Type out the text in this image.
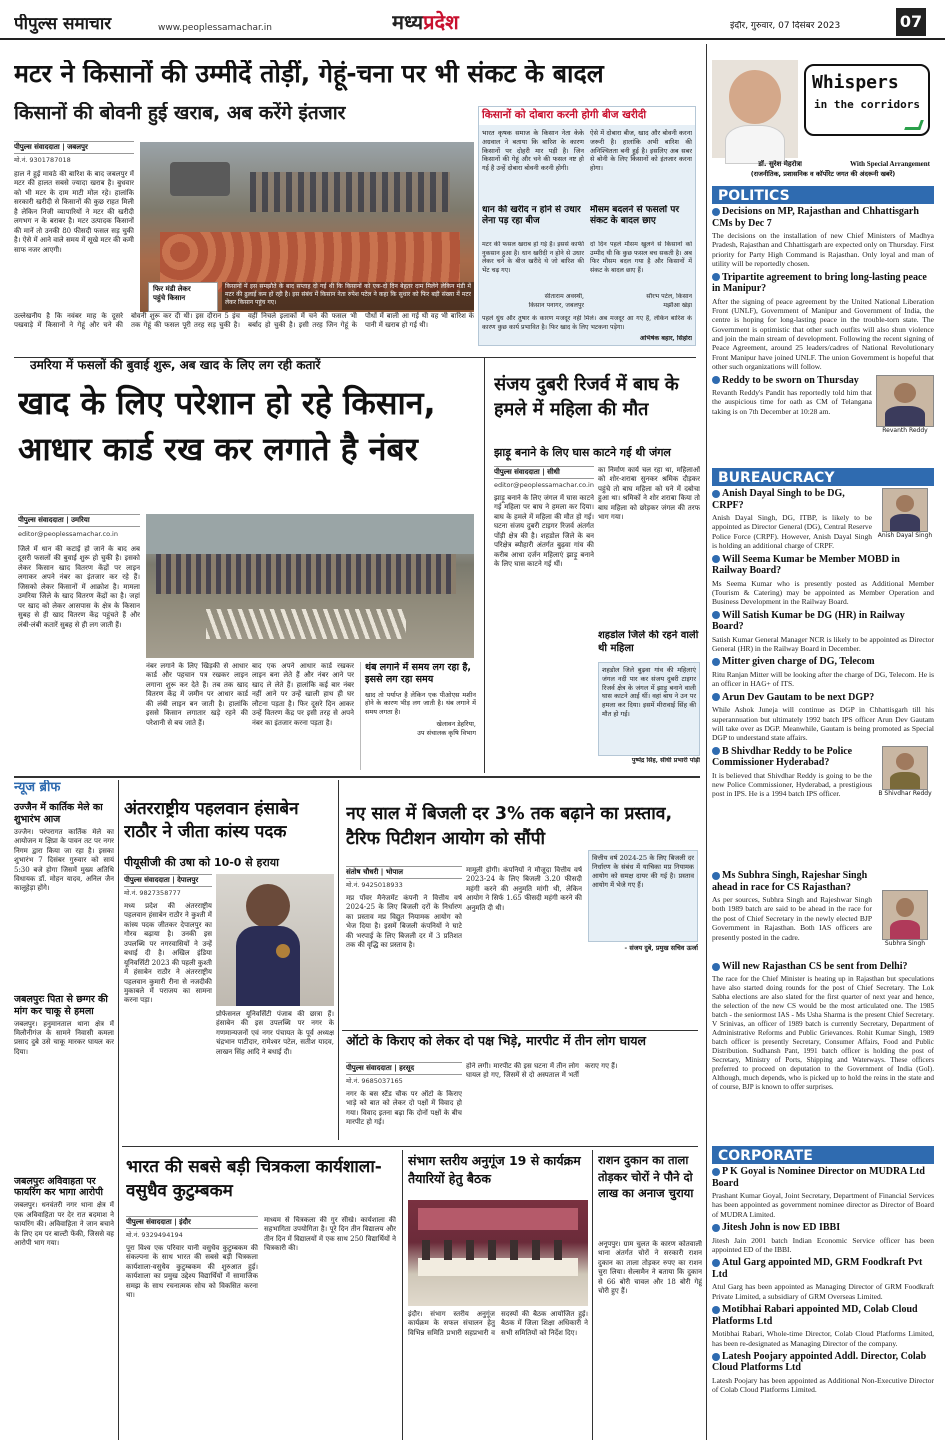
पीपुल्स समाचार	www.peoplessamachar.in	मध्यप्रदेश	इंदौर, गुरुवार, 07 दिसंबर 2023	07
मटर ने किसानों की उम्मीदें तोड़ीं, गेहूं-चना पर भी संकट के बादल
किसानों की बोवनी हुई खराब, अब करेंगे इंतजार
पीपुल्स संवाददाता | जबलपुर
मो.नं. 9301787018
हाल ने हुई मावठे की बारिश के बाद जबलपुर में मटर की हालत सबसे ज्यादा खराब है। बुधवार को भी मटर के दाम माटी मोल रहे। हालांकि सरकारी खरीदी से किसानों की कुछ राहत मिली है लेकिन निजी व्यापारियों ने मटर की खरीदी लगभग न के बराबर है। मटर उत्पादक किसानों की मानें तो उनकी 80 फीसदी फसल सड़ चुकी है। ऐसे में आने वाले समय में सूखे मटर की कमी साफ नजर आएगी।
उल्लेखनीय है कि नवंबर माह के दूसरे पखवाड़े में किसानों ने गेहूं और चने की बोवनी शुरू कर दी थी। इस दौरान 5 इंच तक गेहूं की फसल पूरी तरह सड़ चुकी है। वहीं निचले इलाकों में चने की फसल भी बर्बाद हो चुकी है। इसी तरह जिन गेहूं के पौधों में बाली आ गई थी वह भी बारिश के पानी में खराब हो गई थी।
फिर मंडी लेकर
पहुंचे किसान
किसानों में इस समझौते के बाद सप्ताह दो गई थी कि किसानों को एक-दो दिन बेहतर दाम मिलेंगे लेकिन मंडी में मटर की ढुलाई कम हो रही है। इस संबंध में किसान नेता रुपेश पटेल ने कहा कि सुधार को फिर बड़ी संख्या में मटर लेकर किसान पहुंच गए।
किसानों को दोबारा करनी होगी बीज खरीदी
भारत कृषक समाज के किसान नेता केके अग्रवाल ने बताया कि बारिश के कारण किसानों पर दोहरी मार पड़ी है। जिन किसानों की गेहूं और चने की फसल नष्ट हो गई है उन्हें दोबारा बोवनी करनी होगी।
ऐसे में दोबारा बीज, खाद और बोवनी करना जरूरी है। हालांकि अभी बारिश की अनिश्चितता बनी हुई है। इसलिए अब सबर से बोनी के लिए किसानों को इंतजार करना होगा।
धान की खरीद न होने से उधार लेना पड़ रहा बीज
मटर की फसल खराब हो गई है। इससे काफी नुकसान हुआ है। धान खरीदी न होने से उधार लेकर चने के बीज खरीदे थे जो बारिश की भेंट चढ़ गए।
सीताराम अवस्थी,
किसान पनागर, जबलपुर
मौसम बदलने से फसलों पर संकट के बादल छाए
दो दिन पहले मौसम खुलने से किसानों को उम्मीद थी कि कुछ फसल बच सकती है। अब फिर मौसम बदल गया है और किसानों में संकट के बादल छाए हैं।
सौरभ पटेल, किसान
मझौआ खेड़ा
पहले धुंध और तुषार के कारण मजदूर नहीं मिले। अब मजदूर आ गए हैं, लेकिन बारिश के कारण कुछ कार्य प्रभावित है। फिर खाद के लिए भटकना पड़ेगा।
अभिषेक बहार, सिहोरा
उमरिया में फसलों की बुवाई शुरू, अब खाद के लिए लग रही कतारें
खाद के लिए परेशान हो रहे किसान, आधार कार्ड रख कर लगाते है नंबर
पीपुल्स संवाददाता | उमरिया
editor@peoplessamachar.co.in
जिले में धान की कटाई हो जाने के बाद अब दूसरी फसलों की बुवाई शुरू हो चुकी है। इसको लेकर किसान खाद वितरण केंद्रों पर लाइन लगाकर अपने नंबर का इंतजार कर रहे हैं। जिसको लेकर किसानों में आक्रोश है। मामला उमरिया जिले के खाद वितरण केंद्रों का है। जहां पर खाद को लेकर आसपास के क्षेत्र के किसान सुबह से ही खाद वितरण केंद्र पहुंचते हैं और लंबी-लंबी कतारें सुबह से ही लग जाती हैं।
नंबर लगाने के लिए खिड़की से आधार कार्ड और पहचान पत्र रखकर लाइन लगाना शुरू कर देते हैं। तब तक खाद वितरण केंद्र में जमीन पर आधार कार्ड की लंबी लाइन बन जाती है। हालांकि इससे किसान लगातार खड़े रहने की परेशानी से बच जाते हैं।
बाद एक अपने आधार कार्ड रखकर लाइन बना लेते हैं और नंबर आने पर खाद ले लेते हैं। हालांकि कई बार नंबर नहीं आने पर उन्हें खाली हाथ ही घर लौटना पड़ता है। फिर दूसरे दिन आकर उन्हें वितरण केंद्र पर इसी तरह से अपने नंबर का इंतजार करना पड़ता है।
थंब लगाने में समय लग रहा है, इससे लग रहा समय
खाद तो पर्याप्त है लेकिन एक पीओएस मशीन होने के कारण भीड़ लग जाती है। थंब लगाने में समय लगता है।
खेलावन डेहरिया,
उप संचालक कृषि विभाग
संजय दुबरी रिजर्व में बाघ के हमले में महिला की मौत
झाड़ू बनाने के लिए घास काटने गई थी जंगल
पीपुल्स संवाददाता | सीधी
editor@peoplessamachar.co.in
झाड़ू बनाने के लिए जंगल में घास काटने गई महिला पर बाघ ने हमला कर दिया। बाघ के हमले में महिला की मौत हो गई। घटना संजय दुबरी टाइगर रिजर्व अंतर्गत पोंड़ी क्षेत्र की है। शहडोल जिले के बन परिक्षेत्र ब्यौहारी अंतर्गत बुढ़वा गांव की करीब आधा दर्जन महिलाएं झाड़ू बनाने के लिए घास काटने गई थीं।
का निर्माण कार्य चल रहा था, महिलाओं को शोर-शराबा सुनकर श्रमिक दौड़कर पहुंचे तो बाघ महिला को घने में दबोचा हुआ था। श्रमिकों ने शोर शराबा किया तो बाघ महिला को छोड़कर जंगल की तरफ भाग गया।
शहडोल जिले की रहने वाली थी महिला
शहडोल जिले बुढ़वा गांव की महिलाएं जंगल नदी पार कर संजय दुबरी टाइगर रिजर्व क्षेत्र के जंगल में झाड़ू बनाने वाली घास काटने आई थीं। वहां बाघ ने उन पर हमला कर दिया। इसमें मीरावाई सिंह की मौत हो गई।
पुष्पेंद्र सिंह, सीधी प्रभारी पोड़ी
न्यूज ब्रीफ
उज्जैन में कार्तिक मेले का शुभारंभ आज
उज्जैन। परंपरागत कार्तिक मेले का आयोजन म क्षिप्रा के पावन तट पर नगर निगम द्वारा किया जा रहा है। इसका शुभारंभ 7 दिसंबर गुरुवार को सायं 5:30 बजे होगा जिसमें मुख्य अतिथि विधायक डॉ. मोहन यादव, अनिल जैन कालूहेड़ा होंगे।
जबलपुरः पिता से छग्गर की मांग कर चाकू से हमला
जबलपुर। हनुमानताल थाना क्षेत्र में मिलौनीगंज के सामने निवासी कमला प्रसाद दुबे उसे चाकू मारकर घायल कर दिया।
जबलपुरः अविवाहता पर फायरिंग कर भागा आरोपी
जबलपुर। धनवंतरी नगर थाना क्षेत्र में एक अविवाहिता पर देर रात बदमाश ने फायरिंग की। अविवाहिता ने जान बचाने के लिए दम पर बाल्टी फेंकी, जिससे वह आरोपी भाग गया।
अंतरराष्ट्रीय पहलवान हंसाबेन राठौर ने जीता कांस्य पदक
पीयूसीजी की उषा को 10-0 से हराया
पीपुल्स संवाददाता | देपालपुर
मो.नं. 9827358777
मध्य प्रदेश की अंतरराष्ट्रीय पहलवान हंसाबेन राठौर ने कुश्ती में कांस्य पदक जीतकर देपालपुर का गौरव बढ़ाया है। उनकी इस उपलब्धि पर नगरवासियों ने उन्हें बधाई दी है। अखिल इंडिया यूनिवर्सिटी 2023 की पहली कुश्ती में हंसाबेन राठौर ने अंतरराष्ट्रीय पहलवान कुमारी रीना से नजदीकी मुकाबले में पराजय का सामना करना पड़ा।
प्रोफेसनल यूनिवर्सिटी पंजाब की छात्रा हैं। हंसाबेन की इस उपलब्धि पर नगर के गणमान्यजनों एवं नगर पंचायत के पूर्व अध्यक्ष चंद्रभान पाटीदार, रामेश्वर पटेल, सतीश यादव, लाखन सिंह आदि ने बधाई दी।
नए साल में बिजली दर 3% तक बढ़ाने का प्रस्ताव, टैरिफ पिटीशन आयोग को सौंपी
संतोष चौधरी | भोपाल
मो.नं. 9425018933
मप्र पॉवर मैनेजमेंट कंपनी ने वित्तीय वर्ष 2024-25 के लिए बिजली दरों के निर्धारण का प्रस्ताव मप्र विद्युत नियामक आयोग को भेज दिया है। इसमें बिजली कंपनियों ने घाटे की भरपाई के लिए बिजली दर में 3 प्रतिशत तक की वृद्धि का प्रस्ताव है।
मामूली होगी। कंपनियों ने मौजूदा वित्तीय वर्ष 2023-24 के लिए बिजली 3.20 फीसदी महंगी करने की अनुमति मांगी थी, लेकिन आयोग ने सिर्फ 1.65 फीसदी महंगी करने की अनुमति दी थी।
वित्तीय वर्ष 2024-25 के लिए बिजली दर निर्धारण के संबंध में याचिका मप्र नियामक आयोग को समक्ष दायर की गई है। प्रस्ताव आयोग में भेजे गए हैं।
- संजय दुबे, प्रमुख सचिव ऊर्जा
ऑटो के किराए को लेकर दो पक्ष भिड़े, मारपीट में तीन लोग घायल
पीपुल्स संवाददाता | हरसूद
मो.नं. 9685037165
नगर के बस स्टैंड चौक पर ऑटो के किराए भाड़े को बात को लेकर दो पक्षों में विवाद हो गया। विवाद इतना बढ़ा कि दोनों पक्षों के बीच मारपीट हो गई।
होने लगी। मारपीट की इस घटना में तीन लोग घायल हो गए, जिसमें से दो अस्पताल में भर्ती कराए गए हैं।
भारत की सबसे बड़ी चित्रकला कार्यशाला-वसुधैव कुटुम्बकम
पीपुल्स संवाददाता | इंदौर
मो.नं. 9329494194
पूरा विश्व एक परिवार यानी वसुधैव कुटुम्बकम की संकल्पना के साथ भारत की सबसे बड़ी चित्रकला कार्यशाला-वसुधैव कुटुम्बकम की शुरुआत हुई। कार्यशाला का प्रमुख उद्देश्य विद्यार्थियों में सामाजिक समझ के साथ रचनात्मक सोच को विकसित करना था।
माध्यम से चित्रकला की गुर सीखे। कार्यशाला की सहभागिता उपयोगिता है। पूरे दिन तीन विद्यालय और तीन दिन में विद्यालयों में एक साथ 250 विद्यार्थियों ने चित्रकारी की।
संभाग स्तरीय अनुगूंज 19 से कार्यक्रम तैयारियों हेतु बैठक
इंदौर। संभाग स्तरीय अनुगूंज कार्यक्रम के सफल संचालन हेतु विभिन्न समिति प्रभारी सहप्रभारी व सदस्यों की बैठक आयोजित हुई। बैठक में जिला शिक्षा अधिकारी ने सभी समितियों को निर्देश दिए।
राशन दुकान का ताला तोड़कर चोरों ने पौने दो लाख का अनाज चुराया
अनूपपुर। ग्राम चुलत के कारण कोतवाली थाना अंतर्गत चोरों ने सरकारी राशन दुकान का ताला तोड़कर रुपए का राशन चुरा लिया। सेल्समैन ने बताया कि दुकान से 66 बोरी चावल और 18 बोरी गेहूं चोरी हुए हैं।
Whispers
in the corridors
डॉ. सुरेश मेहरोत्रा	With Special Arrangement
(राजनीतिक, प्रशासनिक व कॉर्पोरेट जगत की अंदरूनी खबरें)
POLITICS
Decisions on MP, Rajasthan and Chhattisgarh CMs by Dec 7
The decisions on the installation of new Chief Ministers of Madhya Pradesh, Rajasthan and Chhattisgarh are expected only on Thursday. First priority for Party High Command is Rajasthan. Only loyal and man of utility will be reportedly chosen.
Tripartite agreement to bring long-lasting peace in Manipur?
After the signing of peace agreement by the United National Liberation Front (UNLF), Government of Manipur and Government of India, the centre is hoping for long-lasting peace in the trouble-torn state. The Government is optimistic that other such outfits will also shun violence and join the main stream of development. Following the recent signing of Peace Agreement, around 25 leaders/cadres of National Revolutionary Front Manipur have joined UNLF. The union Government is hopeful that other such organizations will follow.
Reddy to be sworn on Thursday
Revanth Reddy's Pandit has reportedly told him that the auspicious time for oath as CM of Telangana taking is on 7th December at 10:28 am.
Revanth Reddy
BUREAUCRACY
Anish Dayal Singh to be DG, CRPF?
Anish Dayal Singh, DG, ITBP, is likely to be appointed as Director General (DG), Central Reserve Police Force (CRPF). However, Anish Dayal Singh is holding an additional charge of CRPF.
Anish Dayal Singh
Will Seema Kumar be Member MOBD in Railway Board?
Ms Seema Kumar who is presently posted as Additional Member (Tourism & Catering) may be appointed as Member Operation and Business Development in the Railway Board.
Will Satish Kumar be DG (HR) in Railway Board?
Satish Kumar General Manager NCR is likely to be appointed as Director General (HR) in the Railway Board in December.
Mitter given charge of DG, Telecom
Ritu Ranjan Mitter will be looking after the charge of DG, Telecom. He is an officer in HAG+ of ITS.
Arun Dev Gautam to be next DGP?
While Ashok Juneja will continue as DGP in Chhattisgarh till his superannuation but ultimately 1992 batch IPS officer Arun Dev Gautam will take over as DGP. Meanwhile, Gautam is being promoted as Special DGP to understand state affairs.
B Shivdhar Reddy to be Police Commissioner Hyderabad?
It is believed that Shivdhar Reddy is going to be the new Police Commissioner, Hyderabad, a prestigious post in IPS. He is a 1994 batch IPS officer.	B Shivdhar Reddy
Ms Subhra Singh, Rajeshar Singh ahead in race for CS Rajasthan?
As per sources, Subhra Singh and Rajeshwar Singh both 1989 batch are said to be ahead in the race for the post of Chief Secretary in the newly elected BJP Government in Rajasthan. Both IAS officers are presently posted in the cadre.
Subhra Singh
Will new Rajasthan CS be sent from Delhi?
The race for the Chief Minister is heating up in Rajasthan but speculations have also started doing rounds for the post of Chief Secretary. The Lok Sabha elections are also slated for the first quarter of next year and hence, the selection of the new CS would be the most articulated one. The 1985 batch - the seniormost IAS - Ms Usha Sharma is the present Chief Secretary. V Srinivas, an officer of 1989 batch is currently Secretary, Department of Administrative Reforms and Public Grievances. Rohit Kumar Singh, 1989 batch officer is presently Secretary, Consumer Affairs, Food and Public Distribution. Sudhansh Pant, 1991 batch officer is holding the post of Secretary, Ministry of Ports, Shipping and Waterways. These officers preferred to proceed on deputation to the Government of India (GoI). Although, much depends, who is picked up to hold the reins in the state and of course, BJP is known to offer surprises.
CORPORATE
P K Goyal is Nominee Director on MUDRA Ltd Board
Prashant Kumar Goyal, Joint Secretary, Department of Financial Services has been appointed as government nominee director as Director of Board of MUDRA Limited.
Jitesh John is now ED IBBI
Jitesh Jain 2001 batch Indian Economic Service officer has been appointed ED of the IBBI.
Atul Garg appointed MD, GRM Foodkraft Pvt Ltd
Atul Garg has been appointed as Managing Director of GRM Foodkraft Private Limited, a subsidiary of GRM Overseas Limited.
Motibhai Rabari appointed MD, Colab Cloud Platforms Ltd
Motibhai Rabari, Whole-time Director, Colab Cloud Platforms Limited, has been re-designated as Managing Director of the company.
Latesh Poojary appointed Addl. Director, Colab Cloud Platforms Ltd
Latesh Poojary has been appointed as Additional Non-Executive Director of Colab Cloud Platforms Limited.
